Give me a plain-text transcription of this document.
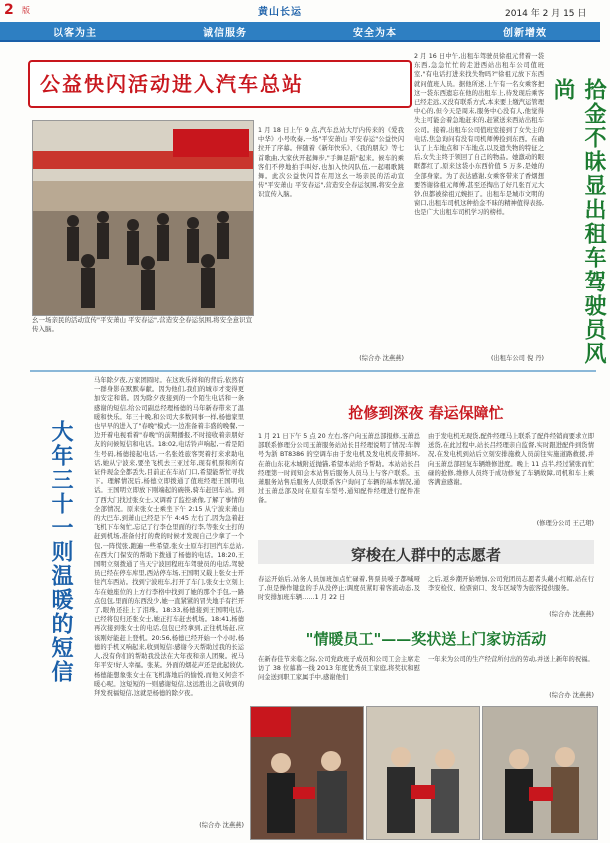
2 版	黄山长运	2014 年 2 月 15 日
以客为主	诚信服务	安全为本	创新增效
公益快闪活动进入汽车总站
幺一场亲民的活动宣传"平安萧山 平安春运",营造安全春运氛围,将安全意识宣传入脑。
1 月 18 日上午 9 点,汽车总站大厅内传来的《爱我中华》小号吹奏,一场"平安萧山 平安春运"公益快闪拉开了序幕。伴随着《新年快乐》、《我的朋友》等七首歌曲,大家伙开起舞步,"手舞足蹈"起来。候车的乘客们不停地拍手叫好,也加入快闪队伍,一起唱歌跳舞。此次公益快闪旨在用这幺一场亲民的活动宣传"平安萧山 平安春运",营造安全春运氛围,将安全意识宣传入脑。
(综合办 沈燕燕)
2 月 16 日中午,出租车驾驶员徐祖元背着一袋东西,急急忙忙的走进西站出租车公司值班室,"有电话打进来找失物吗?"徐祖元放下东西就问值班人员。据他所述,上午有一名女乘客把这一袋东西遗忘在他的出租车上,待发现后乘客已经走远,又没有联系方式,本来要上缴汽运管理中心的,但今天是周末,服务中心没有人,他觉得失主可能会着急地赶来的,赶紧送来西站出租车公司。接着,出租车公司值班室接到了女失主的电话,焦急询问有没有司机师傅捡到东西。在确认了上车地点和下车地点,以及遗失物的特征之后,女失主终于领回了自己的物品。她激动的眼眶都红了,原来这袋小东西价值 5 万多,是她的全部身家。为了表达感谢,女乘客带来了香烟想要答谢徐祖元师傅,甚至还掏出了好几张百元大钞,但都被徐祖元婉拒了。出租车是城市文明的窗口,出租车司机这种拾金不昧的精神值得表扬,也是广大出租车司机学习的榜样。
(出租车公司 倪 丹)	拾金不昧显出租车驾驶员风尚
大年三十一则温暖的短信
马年除夕夜,万家团圆时。在这欢乐祥和的背后,依然有一群身影在默默奉献。因为他们,我们的城市才变得更加安定和谐。因为除夕夜接到的一个陌生电话和一条感谢的短信,给公司副总经理杨德的马年新春带来了温暖和快乐。年三十晚,和公司大多数同事一样,杨德家里也早早的进入了"春晚"模式:一边准备着丰盛的晚餐,一边开着电视看着"春晚"的前期播报,不时接收着亲朋好友的问候短信和电话。18:02,电话铃声响起,一看是陌生号码,杨德接起电话,一名张姓旅客哭着打来求助电话,她从宁波来,要坐飞机去三亚过年,现有机票和所有证件现金全都丢失,目前正在车站门口,希望能帮忙寻找下。理解情况后,杨德立即拨通了值班经理王国明电话。王国明立即放下刚端起的碗筷,骑车赶回车站。到了西大门找过张女士,又调看了监控录像,了解了事情的全部情况。原来张女士乘坐下午 2:15 从宁波来萧山的大巴车,到萧山已经是下午 4:45 左右了,因为急着赶飞机下车匆忙,忘记了行李仓里面的行李,等张女士打的赶到机场,准备付打的费的时候才发现自己少拿了一个包,一阵慌张,跑遍一些希望,张女士原车打回汽车总站,在西大门保安的帮助下拨通了杨德的电话。18:20,王国明立刻拨通了当天宁波回程班车驾驶员的电话,驾驶员已经在停车库里,西站停车场,王国明又载上张女士开往汽车西站。找到宁波班车,打开了车门,张女士立刻上车在她座位的上方行李格中找到了她的那个手包,一路点包包,里面的东西没少,她一直紧紧的冒失地手有拦开了,眼角还挂上了泪珠。18:33,杨德接到王国明电话,已经将包归还张女士,她正打车赶去机场。18:41,杨德再次接到张女士的电话,包包已经拿到,正往机场赶,应该刚好能赶上登机。20:56,杨德已经开始一个小时,杨德的手机又响起来,收到短信:感谢今天帮助过我的长运人,没有你们的帮助我没法在大年夜和亲人团聚。祝马年平安!好人幸福。张某。外面的烟花声还是此起彼伏,杨德能想象张女士在飞机落地后的愉悦,而他又何尝不暖心呢。这短短的一则感谢短信,这远胜出之前收到的拜发祝福短信,这就是杨德的除夕夜。
(综合办 沈燕燕)
抢修到深夜 春运保障忙
1 月 21 日下午 5 点 20 左右,客户向玉萧总部报修,玉萧总部联系修理分公司玉萧服务站站长目经理说明了情况:车牌号为浙 BT8386 的空调车由于发电机及发电机皮带损坏,在萧山东花木城附近抛锚,希望本站给予帮助。本站站长吕经理第一时间知会本站售后服务人员马上与客户联系。玉萧服务站售后服务人员联系客户询问了车辆的基本情况,通过玉萧总部及时在原有车型号,通知配件经理进行配件准备。
由于发电机无现货,配件经理马上联系了配件经销商要求立即送货,在此过程中,站长吕经理亲自监督,实时跟进配件到货情况,在发电机到站后立刻安排施救人员前往实施道路救援,并向玉萧总部回复车辆维修进度。晚上 11 点半,经过紧张而忙碌的抢修,维修人员终于成功修复了车辆故障,司机和车上乘客满意感谢。
(修理分公司 王己珺)
穿梭在人群中的志愿者
春运开始后,站务人员加班加点忙碌着,售票员嗓子都喊哑了,但是操作键盘的手从没停止;调度员紧盯着客流动态,及时安排加班车辆……1 月 22 日
之后,返乡潮开始增加,公司党团员志愿者头戴小红帽,站在行李安检仪、检票窗口、发车区域等为旅客提供服务。
(综合办 沈燕燕)
"情暖员工"——奖状送上门家访活动
在新春佳节来临之际,公司党政班子成员和公司工会主席走访了 38 位慕暮一线 2013 年度优秀员工家庭,将奖状和慰问金送到职工家属手中,感谢他们
一年来为公司的生产经营所付出的劳动,并送上新年的祝福。
(综合办 沈燕燕)
